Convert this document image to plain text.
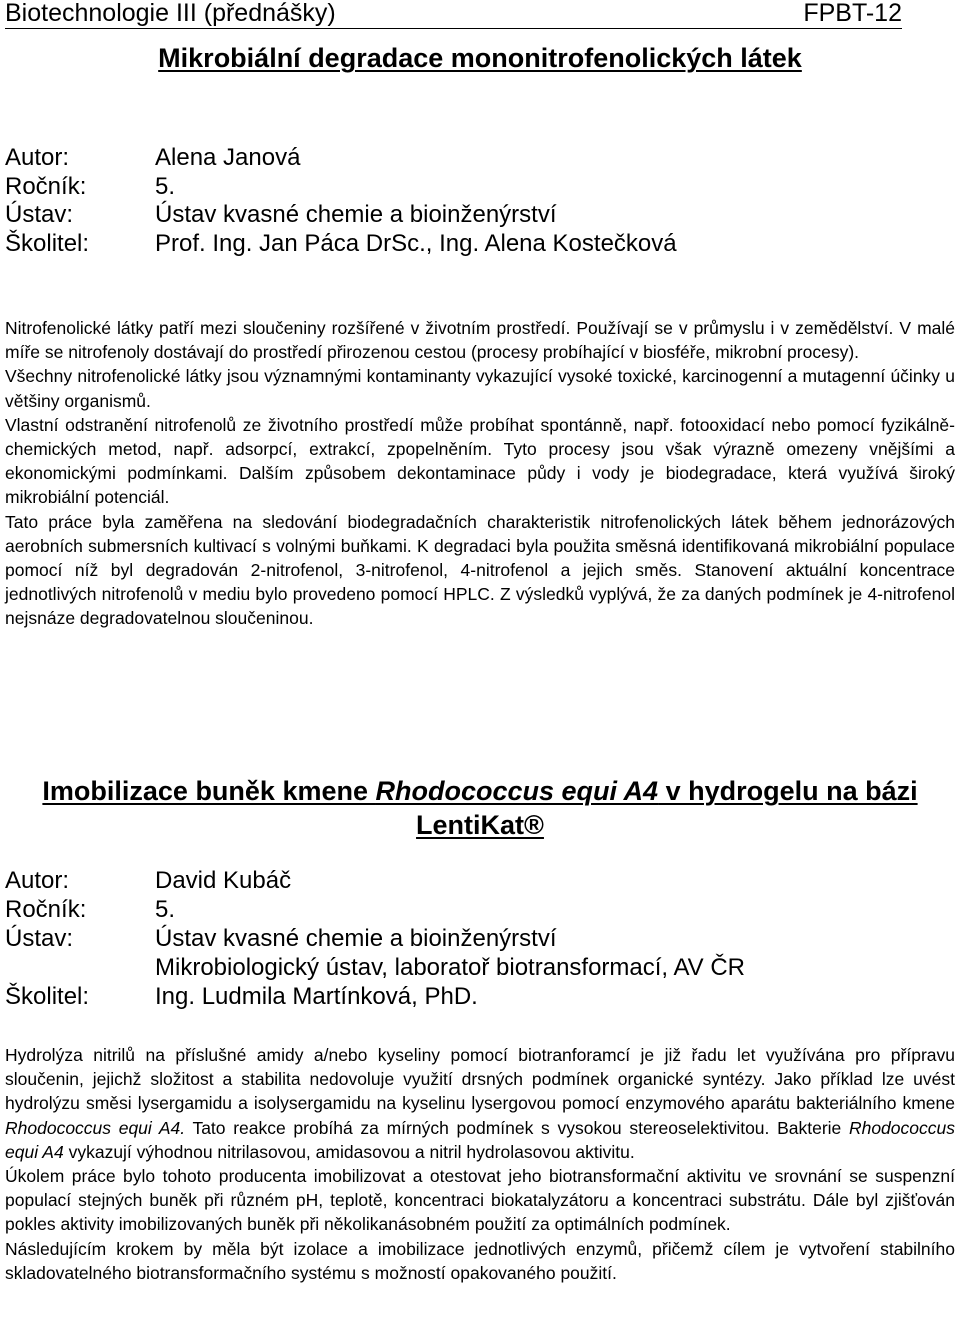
Biotechnologie III (přednášky)	FPBT-12
Mikrobiální degradace mononitrofenolických látek
Autor:	Alena Janová
Ročník:	5.
Ústav:	Ústav kvasné chemie a bioinženýrství
Školitel:	Prof. Ing. Jan Páca DrSc., Ing. Alena Kostečková

Nitrofenolické látky patří mezi sloučeniny rozšířené v životním prostředí. Používají se v průmyslu i v zemědělství. V malé míře se nitrofenoly dostávají do prostředí přirozenou cestou (procesy probíhající v biosféře, mikrobní procesy).

Všechny nitrofenolické látky jsou významnými kontaminanty vykazující vysoké toxické, karcinogenní a mutagenní účinky u většiny organismů.

Vlastní odstranění nitrofenolů ze životního prostředí může probíhat spontánně, např. fotooxidací nebo pomocí fyzikálně-chemických metod, např. adsorpcí, extrakcí, zpopelněním. Tyto procesy jsou však výrazně omezeny vnějšími a ekonomickými podmínkami. Dalším způsobem dekontaminace půdy i vody je biodegradace, která využívá široký mikrobiální potenciál.

Tato práce byla zaměřena na sledování biodegradačních charakteristik nitrofenolických látek během jednorázových aerobních submersních kultivací s volnými buňkami. K degradaci byla použita směsná identifikovaná mikrobiální populace pomocí níž byl degradován 2-nitrofenol, 3-nitrofenol, 4-nitrofenol a jejich směs. Stanovení aktuální koncentrace jednotlivých nitrofenolů v mediu bylo provedeno pomocí HPLC. Z výsledků vyplývá, že za daných podmínek je 4-nitrofenol nejsnáze degradovatelnou sloučeninou.

Imobilizace buněk kmene Rhodococcus equi A4 v hydrogelu na bázi LentiKat®
Autor:	David Kubáč
Ročník:	5.
Ústav:	Ústav kvasné chemie a bioinženýrství
Mikrobiologický ústav, laboratoř biotransformací, AV ČR
Školitel:	Ing. Ludmila Martínková, PhD.

Hydrolýza nitrilů na příslušné amidy a/nebo kyseliny pomocí biotranforamcí je již řadu let využívána pro přípravu sloučenin, jejichž složitost a stabilita nedovoluje využití drsných podmínek organické syntézy. Jako příklad lze uvést hydrolýzu směsi lysergamidu a isolysergamidu na kyselinu lysergovou pomocí enzymového aparátu bakteriálního kmene Rhodococcus equi A4. Tato reakce probíhá za mírných podmínek s vysokou stereoselektivitou. Bakterie Rhodococcus equi A4 vykazují výhodnou nitrilasovou, amidasovou a nitril hydrolasovou aktivitu.

Úkolem práce bylo tohoto producenta imobilizovat a otestovat jeho biotransformační aktivitu ve srovnání se suspenzní populací stejných buněk při různém pH, teplotě, koncentraci biokatalyzátoru a koncentraci substrátu. Dále byl zjišťován pokles aktivity imobilizovaných buněk při několikanásobném použití za optimálních podmínek.

Následujícím krokem by měla být izolace a imobilizace jednotlivých enzymů, přičemž cílem je vytvoření stabilního skladovatelného biotransformačního systému s možností opakovaného použití.
